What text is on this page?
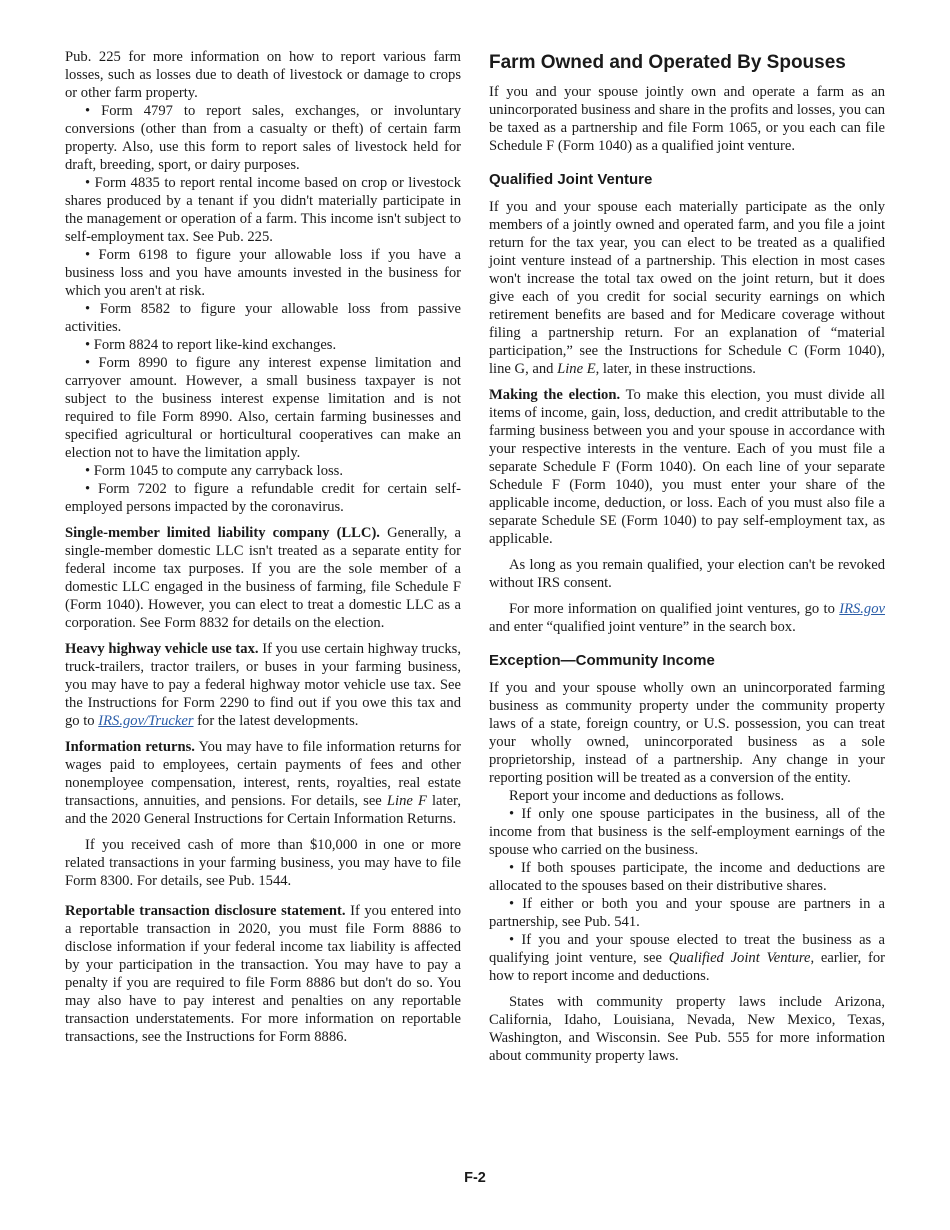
Pub. 225 for more information on how to report various farm losses, such as losses due to death of livestock or damage to crops or other farm property.

• Form 4797 to report sales, exchanges, or involuntary conversions (other than from a casualty or theft) of certain farm property. Also, use this form to report sales of livestock held for draft, breeding, sport, or dairy purposes.

• Form 4835 to report rental income based on crop or livestock shares produced by a tenant if you didn't materially participate in the management or operation of a farm. This income isn't subject to self-employment tax. See Pub. 225.

• Form 6198 to figure your allowable loss if you have a business loss and you have amounts invested in the business for which you aren't at risk.

• Form 8582 to figure your allowable loss from passive activities.

• Form 8824 to report like-kind exchanges.

• Form 8990 to figure any interest expense limitation and carryover amount. However, a small business taxpayer is not subject to the business interest expense limitation and is not required to file Form 8990. Also, certain farming businesses and specified agricultural or horticultural cooperatives can make an election not to have the limitation apply.

• Form 1045 to compute any carryback loss.

• Form 7202 to figure a refundable credit for certain self-employed persons impacted by the coronavirus.

Single-member limited liability company (LLC). Generally, a single-member domestic LLC isn't treated as a separate entity for federal income tax purposes. If you are the sole member of a domestic LLC engaged in the business of farming, file Schedule F (Form 1040). However, you can elect to treat a domestic LLC as a corporation. See Form 8832 for details on the election.

Heavy highway vehicle use tax. If you use certain highway trucks, truck-trailers, tractor trailers, or buses in your farming business, you may have to pay a federal highway motor vehicle use tax. See the Instructions for Form 2290 to find out if you owe this tax and go to IRS.gov/Trucker for the latest developments.

Information returns. You may have to file information returns for wages paid to employees, certain payments of fees and other nonemployee compensation, interest, rents, royalties, real estate transactions, annuities, and pensions. For details, see Line F later, and the 2020 General Instructions for Certain Information Returns.

If you received cash of more than $10,000 in one or more related transactions in your farming business, you may have to file Form 8300. For details, see Pub. 1544.

Reportable transaction disclosure statement. If you entered into a reportable transaction in 2020, you must file Form 8886 to disclose information if your federal income tax liability is affected by your participation in the transaction. You may have to pay a penalty if you are required to file Form 8886 but don't do so. You may also have to pay interest and penalties on any reportable transaction understatements. For more information on reportable transactions, see the Instructions for Form 8886.

Farm Owned and Operated By Spouses

If you and your spouse jointly own and operate a farm as an unincorporated business and share in the profits and losses, you can be taxed as a partnership and file Form 1065, or you each can file Schedule F (Form 1040) as a qualified joint venture.

Qualified Joint Venture

If you and your spouse each materially participate as the only members of a jointly owned and operated farm, and you file a joint return for the tax year, you can elect to be treated as a qualified joint venture instead of a partnership. This election in most cases won't increase the total tax owed on the joint return, but it does give each of you credit for social security earnings on which retirement benefits are based and for Medicare coverage without filing a partnership return. For an explanation of “material participation,” see the Instructions for Schedule C (Form 1040), line G, and Line E, later, in these instructions.

Making the election. To make this election, you must divide all items of income, gain, loss, deduction, and credit attributable to the farming business between you and your spouse in accordance with your respective interests in the venture. Each of you must file a separate Schedule F (Form 1040). On each line of your separate Schedule F (Form 1040), you must enter your share of the applicable income, deduction, or loss. Each of you must also file a separate Schedule SE (Form 1040) to pay self-employment tax, as applicable.

As long as you remain qualified, your election can't be revoked without IRS consent.

For more information on qualified joint ventures, go to IRS.gov and enter “qualified joint venture” in the search box.

Exception—Community Income

If you and your spouse wholly own an unincorporated farming business as community property under the community property laws of a state, foreign country, or U.S. possession, you can treat your wholly owned, unincorporated business as a sole proprietorship, instead of a partnership. Any change in your reporting position will be treated as a conversion of the entity.

Report your income and deductions as follows.

• If only one spouse participates in the business, all of the income from that business is the self-employment earnings of the spouse who carried on the business.

• If both spouses participate, the income and deductions are allocated to the spouses based on their distributive shares.

• If either or both you and your spouse are partners in a partnership, see Pub. 541.

• If you and your spouse elected to treat the business as a qualifying joint venture, see Qualified Joint Venture, earlier, for how to report income and deductions.

States with community property laws include Arizona, California, Idaho, Louisiana, Nevada, New Mexico, Texas, Washington, and Wisconsin. See Pub. 555 for more information about community property laws.

F-2
